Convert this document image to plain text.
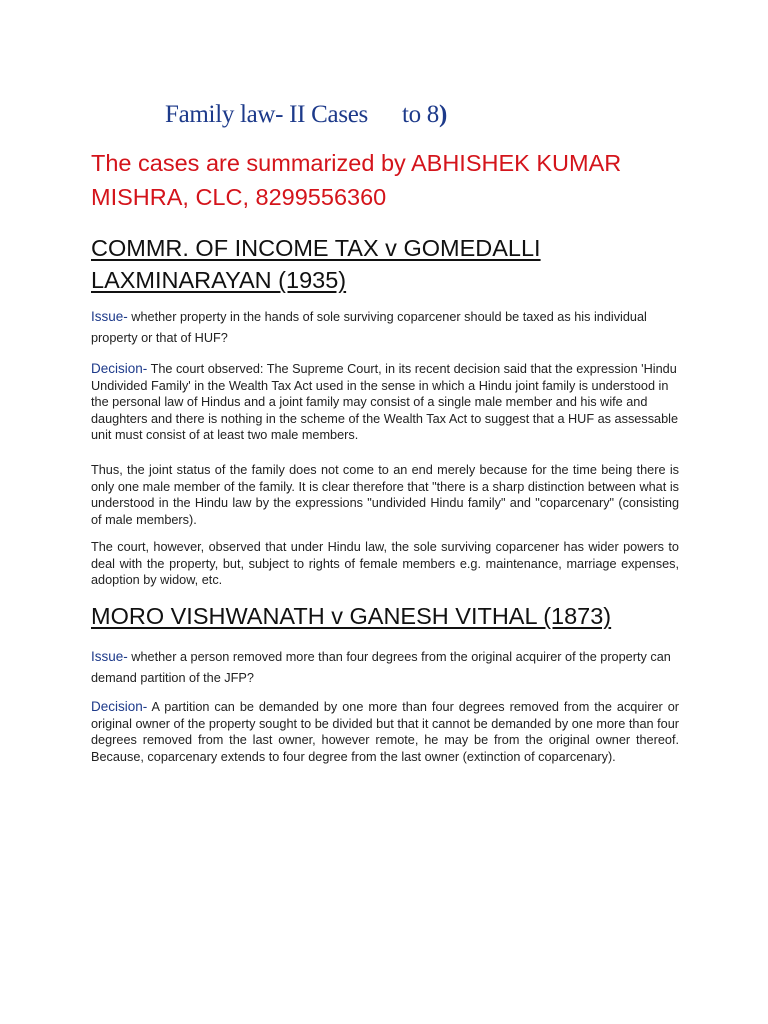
Family law- II Cases to 8)
The cases are summarized by ABHISHEK KUMAR MISHRA, CLC, 8299556360
COMMR. OF INCOME TAX v GOMEDALLI LAXMINARAYAN (1935)
Issue- whether property in the hands of sole surviving coparcener should be taxed as his individual property or that of HUF?
Decision- The court observed: The Supreme Court, in its recent decision said that the expression 'Hindu Undivided Family' in the Wealth Tax Act used in the sense in which a Hindu joint family is understood in the personal law of Hindus and a joint family may consist of a single male member and his wife and daughters and there is nothing in the scheme of the Wealth Tax Act to suggest that a HUF as assessable unit must consist of at least two male members.
Thus, the joint status of the family does not come to an end merely because for the time being there is only one male member of the family. It is clear therefore that "there is a sharp distinction between what is understood in the Hindu law by the expressions "undivided Hindu family" and "coparcenary" (consisting of male members).
The court, however, observed that under Hindu law, the sole surviving coparcener has wider powers to deal with the property, but, subject to rights of female members e.g. maintenance, marriage expenses, adoption by widow, etc.
MORO VISHWANATH v GANESH VITHAL (1873)
Issue- whether a person removed more than four degrees from the original acquirer of the property can demand partition of the JFP?
Decision- A partition can be demanded by one more than four degrees removed from the acquirer or original owner of the property sought to be divided but that it cannot be demanded by one more than four degrees removed from the last owner, however remote, he may be from the original owner thereof. Because, coparcenary extends to four degree from the last owner (extinction of coparcenary).
